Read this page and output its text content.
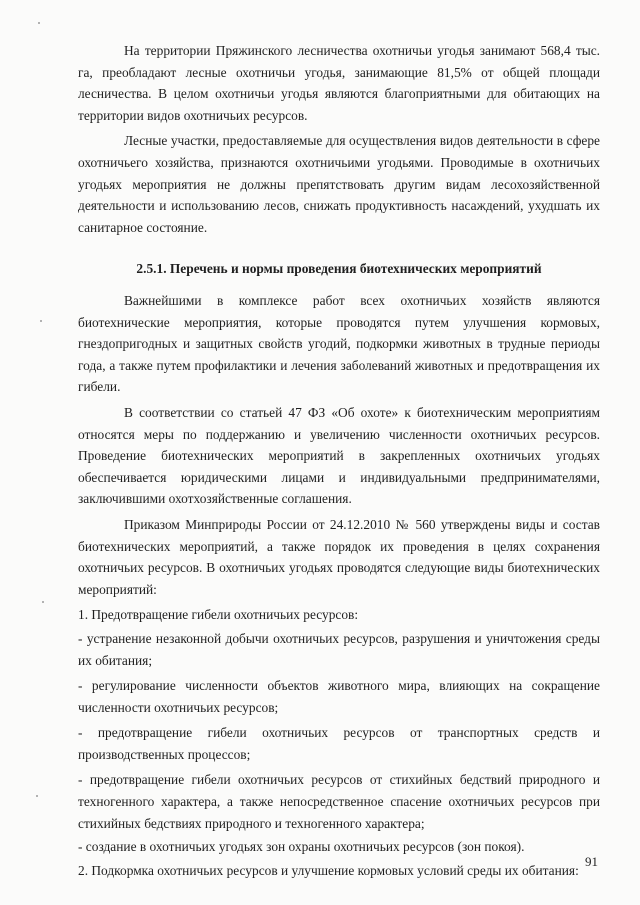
На территории Пряжинского лесничества охотничьи угодья занимают 568,4 тыс. га, преобладают лесные охотничьи угодья, занимающие 81,5% от общей площади лесничества. В целом охотничьи угодья являются благоприятными для обитающих на территории видов охотничьих ресурсов.

Лесные участки, предоставляемые для осуществления видов деятельности в сфере охотничьего хозяйства, признаются охотничьими угодьями. Проводимые в охотничьих угодьях мероприятия не должны препятствовать другим видам лесохозяйственной деятельности и использованию лесов, снижать продуктивность насаждений, ухудшать их санитарное состояние.

2.5.1. Перечень и нормы проведения биотехнических мероприятий

Важнейшими в комплексе работ всех охотничьих хозяйств являются биотехнические мероприятия, которые проводятся путем улучшения кормовых, гнездопригодных и защитных свойств угодий, подкормки животных в трудные периоды года, а также путем профилактики и лечения заболеваний животных и предотвращения их гибели.

В соответствии со статьей 47 ФЗ «Об охоте» к биотехническим мероприятиям относятся меры по поддержанию и увеличению численности охотничьих ресурсов. Проведение биотехнических мероприятий в закрепленных охотничьих угодьях обеспечивается юридическими лицами и индивидуальными предпринимателями, заключившими охотхозяйственные соглашения.

Приказом Минприроды России от 24.12.2010 № 560 утверждены виды и состав биотехнических мероприятий, а также порядок их проведения в целях сохранения охотничьих ресурсов. В охотничьих угодьях проводятся следующие виды биотехнических мероприятий:

1. Предотвращение гибели охотничьих ресурсов:

- устранение незаконной добычи охотничьих ресурсов, разрушения и уничтожения среды их обитания;

- регулирование численности объектов животного мира, влияющих на сокращение численности охотничьих ресурсов;

- предотвращение гибели охотничьих ресурсов от транспортных средств и производственных процессов;

- предотвращение гибели охотничьих ресурсов от стихийных бедствий природного и техногенного характера, а также непосредственное спасение охотничьих ресурсов при стихийных бедствиях природного и техногенного характера;

- создание в охотничьих угодьях зон охраны охотничьих ресурсов (зон покоя).

2. Подкормка охотничьих ресурсов и улучшение кормовых условий среды их обитания:

91
